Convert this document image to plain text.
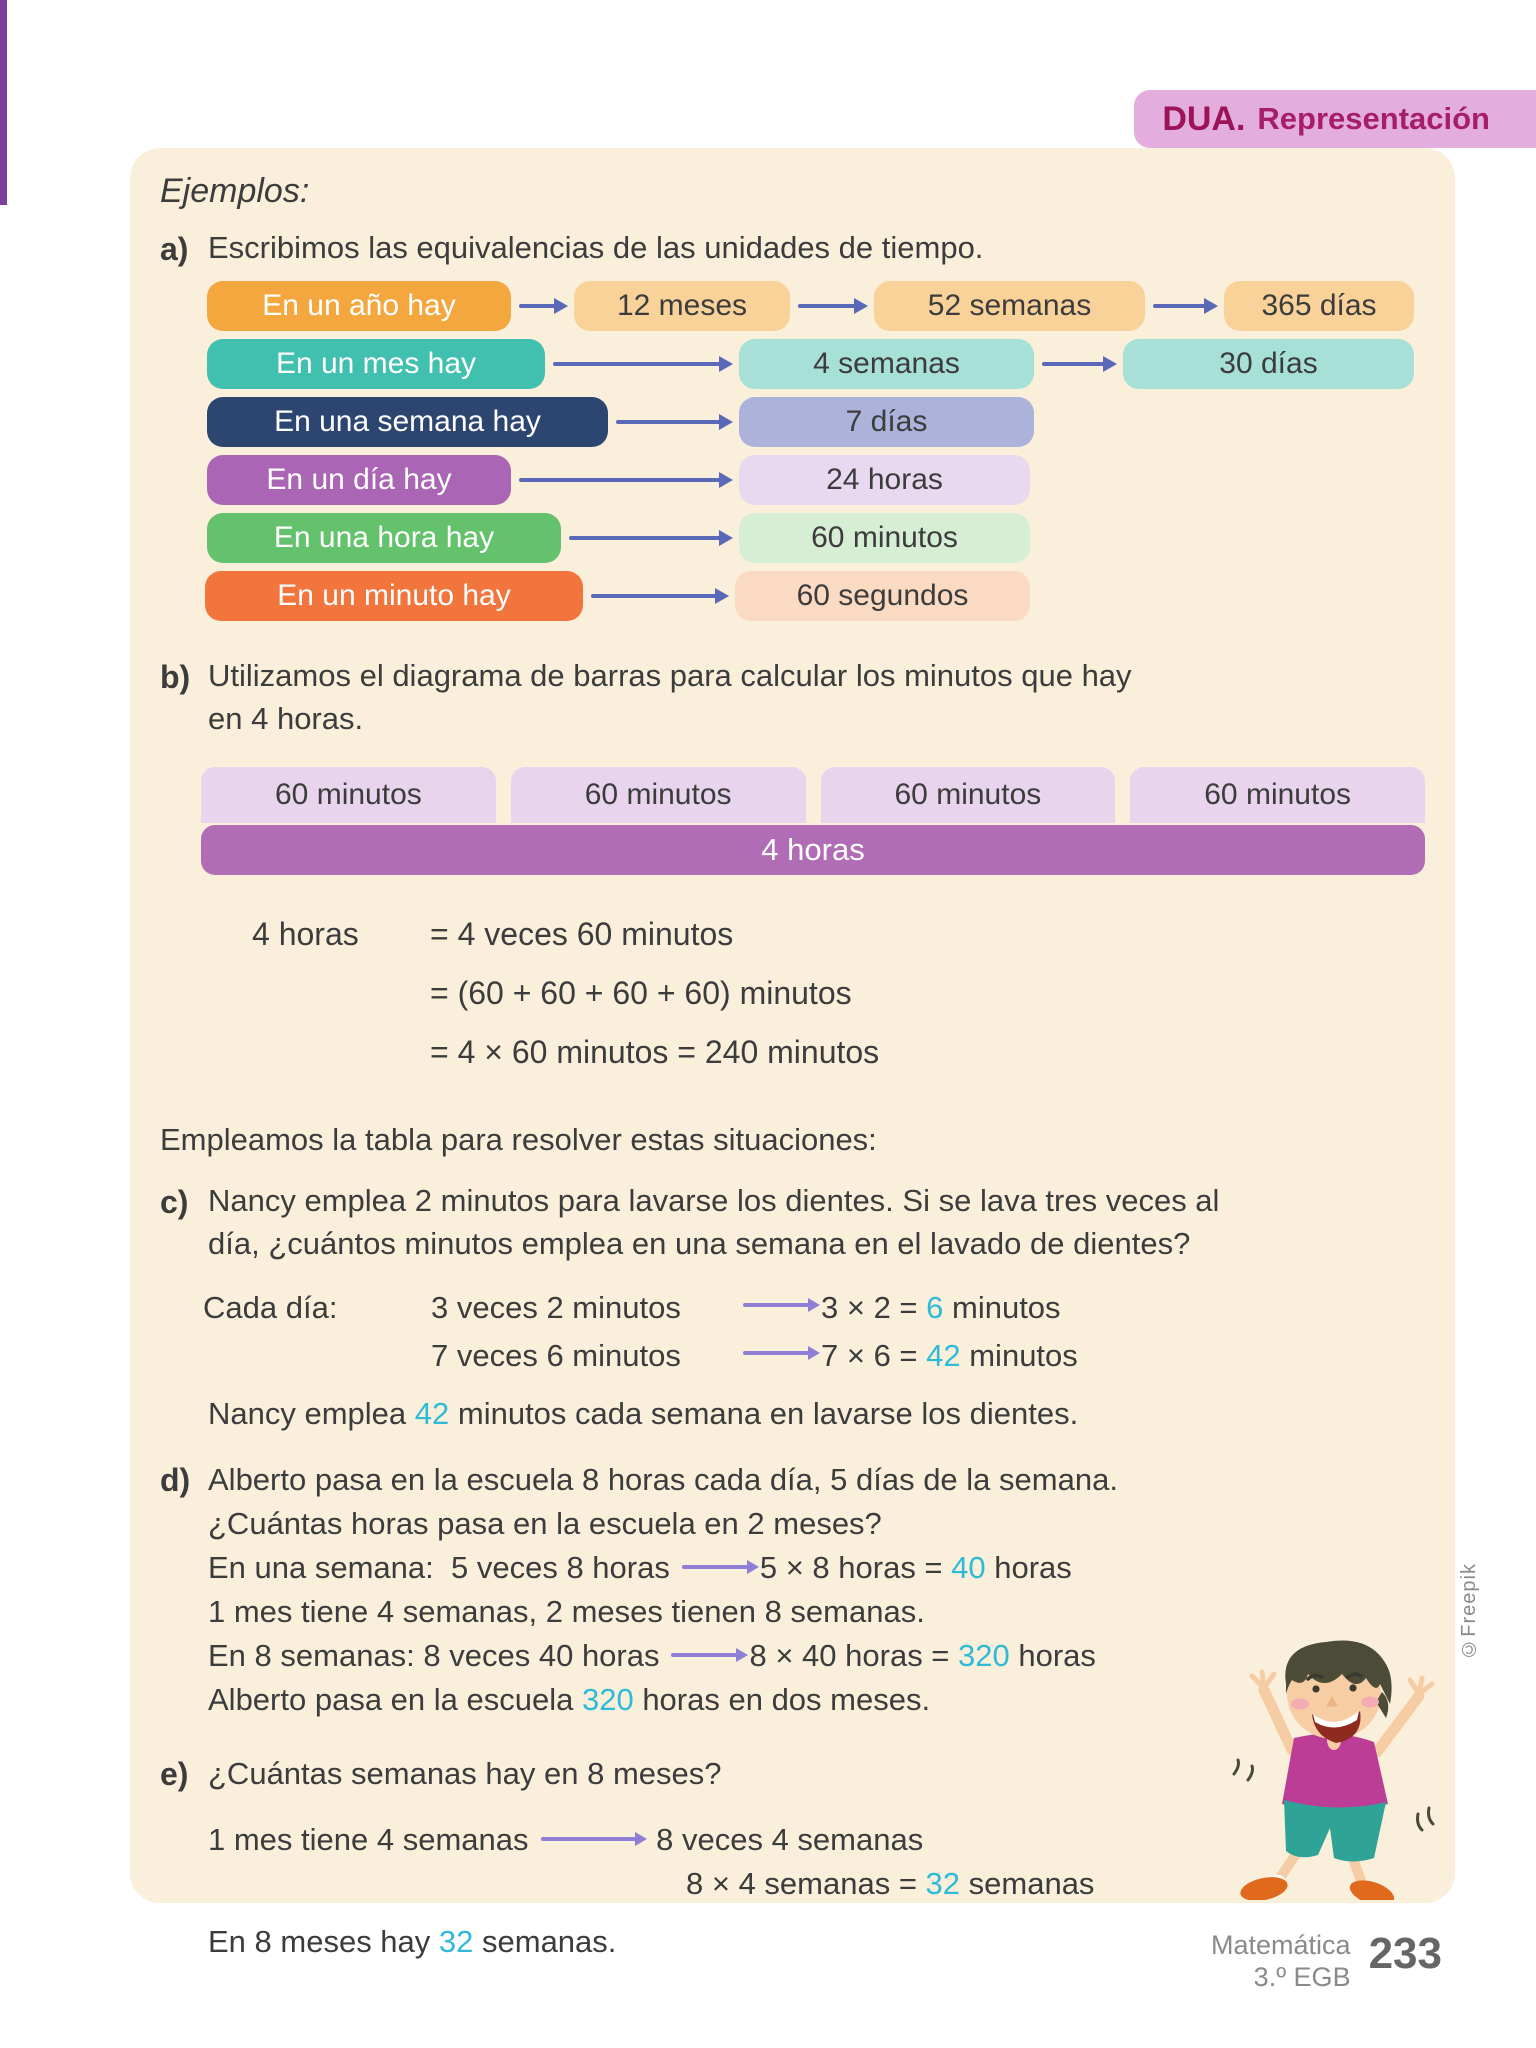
DUA. Representación
Ejemplos:
a) Escribimos las equivalencias de las unidades de tiempo.
En un año hay	12 meses	52 semanas	365 días
En un mes hay	4 semanas	30 días
En una semana hay	7 días
En un día hay	24 horas
En una hora hay	60 minutos
En un minuto hay	60 segundos
b) Utilizamos el diagrama de barras para calcular los minutos que hay
en 4 horas.
60 minutos	60 minutos	60 minutos	60 minutos
4 horas
4 horas	= 4 veces 60 minutos
= (60 + 60 + 60 + 60) minutos
= 4 × 60 minutos = 240 minutos
Empleamos la tabla para resolver estas situaciones:
c) Nancy emplea 2 minutos para lavarse los dientes. Si se lava tres veces al
día, ¿cuántos minutos emplea en una semana en el lavado de dientes?
Cada día:	3 veces 2 minutos	3 × 2 = 6 minutos
7 veces 6 minutos	7 × 6 = 42 minutos
Nancy emplea 42 minutos cada semana en lavarse los dientes.
d) Alberto pasa en la escuela 8 horas cada día, 5 días de la semana.
¿Cuántas horas pasa en la escuela en 2 meses?
En una semana:  5 veces 8 horas	5 × 8 horas = 40 horas
1 mes tiene 4 semanas, 2 meses tienen 8 semanas.
En 8 semanas: 8 veces 40 horas	8 × 40 horas = 320 horas
Alberto pasa en la escuela 320 horas en dos meses.
e) ¿Cuántas semanas hay en 8 meses?
1 mes tiene 4 semanas	8 veces 4 semanas
8 × 4 semanas = 32 semanas
En 8 meses hay 32 semanas.
©Freepik
Matemática
3.º EGB 233
